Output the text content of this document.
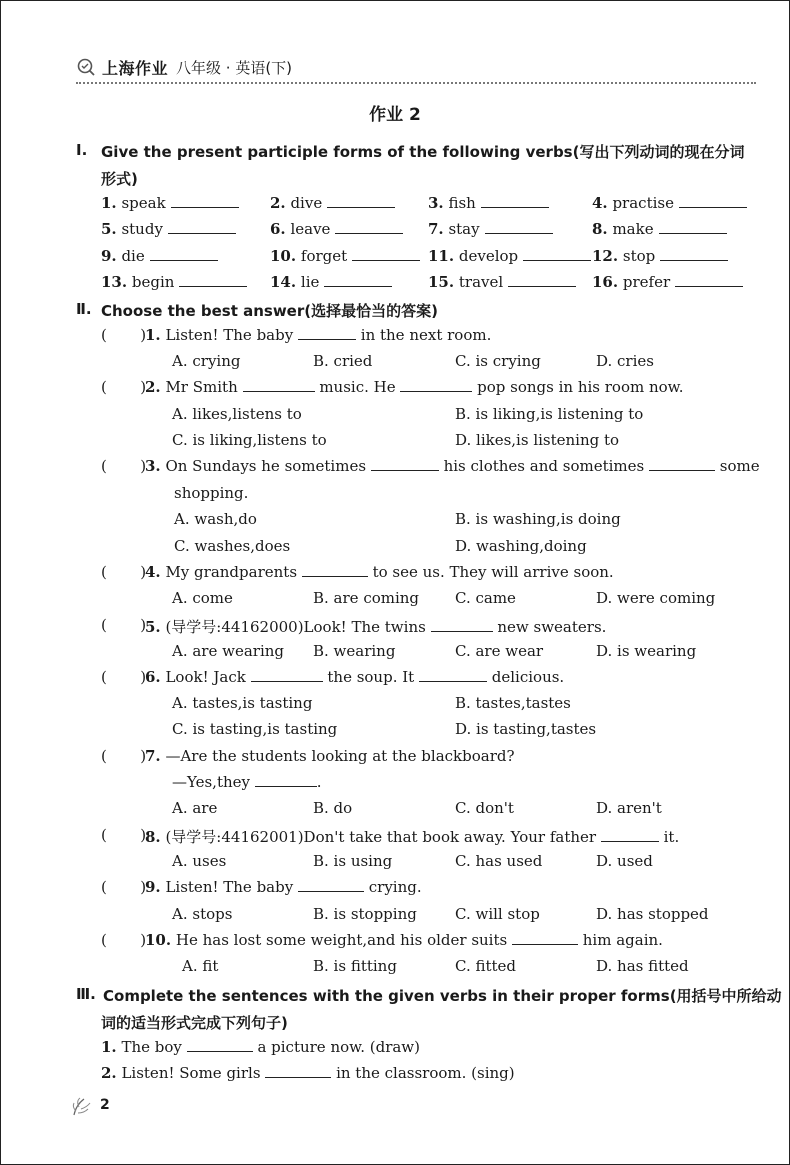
上海作业 八年级 · 英语(下)
作业 2
Ⅰ. Give the present participle forms of the following verbs(写出下列动词的现在分词
形式)
1. speak	2. dive	3. fish	4. practise
5. study	6. leave	7. stay	8. make
9. die	10. forget	11. develop	12. stop
13. begin	14. lie	15. travel	16. prefer
Ⅱ. Choose the best answer(选择最恰当的答案)
(       )
1. Listen! The baby	in the next room.
A. crying	B. cried	C. is crying	D. cries
(       )
2. Mr Smith	music. He	pop songs in his room now.
A. likes,listens to	B. is liking,is listening to
C. is liking,listens to	D. likes,is listening to
(       )
3. On Sundays he sometimes	his clothes and sometimes	some
shopping.
A. wash,do	B. is washing,is doing
C. washes,does	D. washing,doing
(       )
4. My grandparents	to see us. They will arrive soon.
A. come	B. are coming C. came	D. were coming
(       )
5. (导学号:44162000)Look! The twins	new sweaters.
A. are wearing B. wearing	C. are wear	D. is wearing
(       )
6. Look! Jack	the soup. It	delicious.
A. tastes,is tasting	B. tastes,tastes
C. is tasting,is tasting	D. is tasting,tastes
(       )
7. —Are the students looking at the blackboard?
—Yes,they	.
A. are	B. do	C. don't	D. aren't
(       )
8. (导学号:44162001)Don't take that book away. Your father	it.
A. uses	B. is using	C. has used	D. used
(       )
9. Listen! The baby	crying.
A. stops	B. is stopping	C. will stop	D. has stopped
(       )
10. He has lost some weight,and his older suits	him again.
A. fit	B. is fitting	C. fitted	D. has fitted
Ⅲ. Complete the sentences with the given verbs in their proper forms(用括号中所给动
词的适当形式完成下列句子)
1. The boy	a picture now. (draw)
2. Listen! Some girls	in the classroom. (sing)
2
